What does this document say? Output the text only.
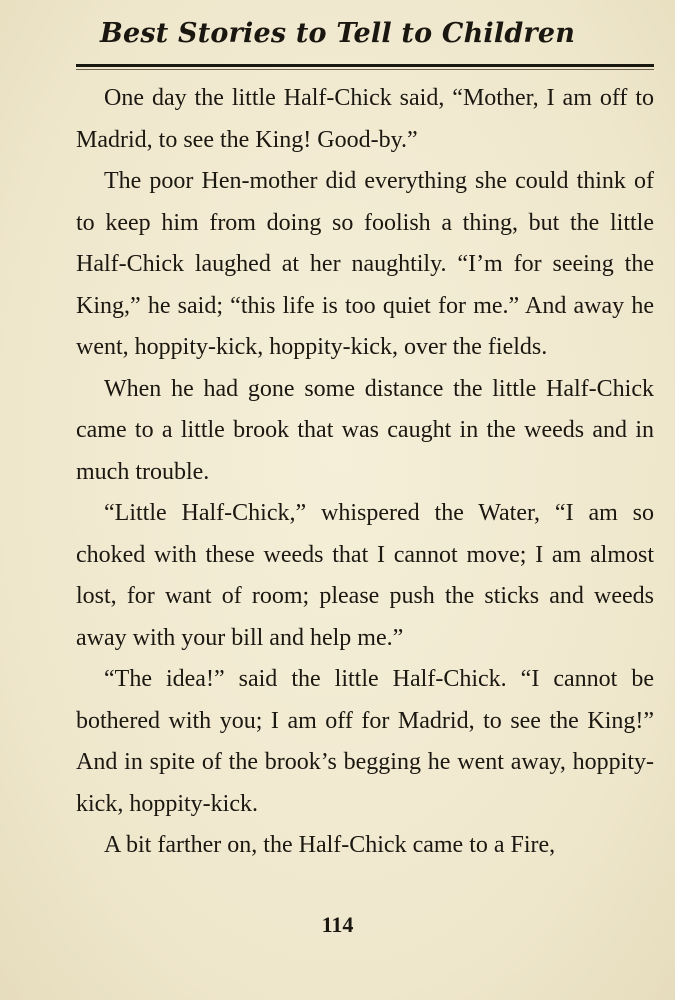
Best Stories to Tell to Children

One day the little Half-Chick said, “Mother, I am off to Madrid, to see the King! Good-by.”

The poor Hen-mother did everything she could think of to keep him from doing so foolish a thing, but the little Half-Chick laughed at her naughtily. “I’m for seeing the King,” he said; “this life is too quiet for me.” And away he went, hoppity-kick, hoppity-kick, over the fields.

When he had gone some distance the little Half-Chick came to a little brook that was caught in the weeds and in much trouble.

“Little Half-Chick,” whispered the Water, “I am so choked with these weeds that I cannot move; I am almost lost, for want of room; please push the sticks and weeds away with your bill and help me.”

“The idea!” said the little Half-Chick. “I cannot be bothered with you; I am off for Madrid, to see the King!” And in spite of the brook’s begging he went away, hoppity-kick, hoppity-kick.

A bit farther on, the Half-Chick came to a Fire,

114
